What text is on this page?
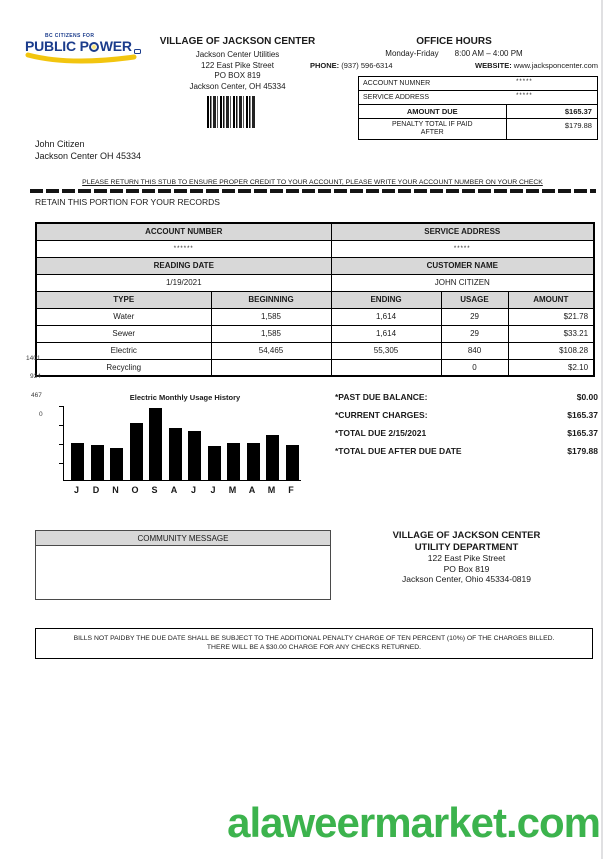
BC CITIZENS FOR
PUBLIC P WER	VILLAGE OF JACKSON CENTER
Jackson Center Utilities
122 East Pike Street
PO BOX 819
Jackson Center, OH 45334
OFFICE HOURS
Monday-Friday 8:00 AM – 4:00 PM
PHONE: (937) 596-6314	WEBSITE: www.jacksponcenter.com
ACCOUNT NUMNER	*****
SERVICE ADDRESS	*****
AMOUNT DUE	$165.37
PENALTY TOTAL IF PAID
AFTER
$179.88
John Citizen
Jackson Center OH 45334
PLEASE RETURN THIS STUB TO ENSURE PROPER CREDIT TO YOUR ACCOUNT, PLEASE WRITE YOUR ACCOUNT NUMBER ON YOUR CHECK
RETAIN THIS PORTION FOR YOUR RECORDS
ACCOUNT NUMBER		SERVICE ADDRESS		
******		*****		
READING DATE		CUSTOMER NAME		
1/19/2021		JOHN CITIZEN		
TYPE	BEGINNING	ENDING	USAGE	AMOUNT
Water	1,585	1,614	29	$21.78
Sewer	1,585	1,614	29	$33.21
Electric	54,465	55,305	840	$108.28
Recycling			0	$2.10
1401
934
467
0
Electric Monthly Usage History
J	D	N	O	S	A	J	J	M	A	M	F
*PAST DUE BALANCE:	$0.00
*CURRENT CHARGES:	$165.37
*TOTAL DUE 2/15/2021	$165.37
*TOTAL DUE AFTER DUE DATE	$179.88
COMMUNITY MESSAGE	VILLAGE OF JACKSON CENTER
UTILITY DEPARTMENT
122 East Pike Street
PO Box 819
Jackson Center, Ohio 45334-0819
BILLS NOT PAIDBY THE DUE DATE SHALL BE SUBJECT TO THE ADDITIONAL PENALTY CHARGE OF TEN PERCENT (10%) OF THE CHARGES BILLED.
THERE WILL BE A $30.00 CHARGE FOR ANY CHECKS RETURNED.
alaweermarket.com
